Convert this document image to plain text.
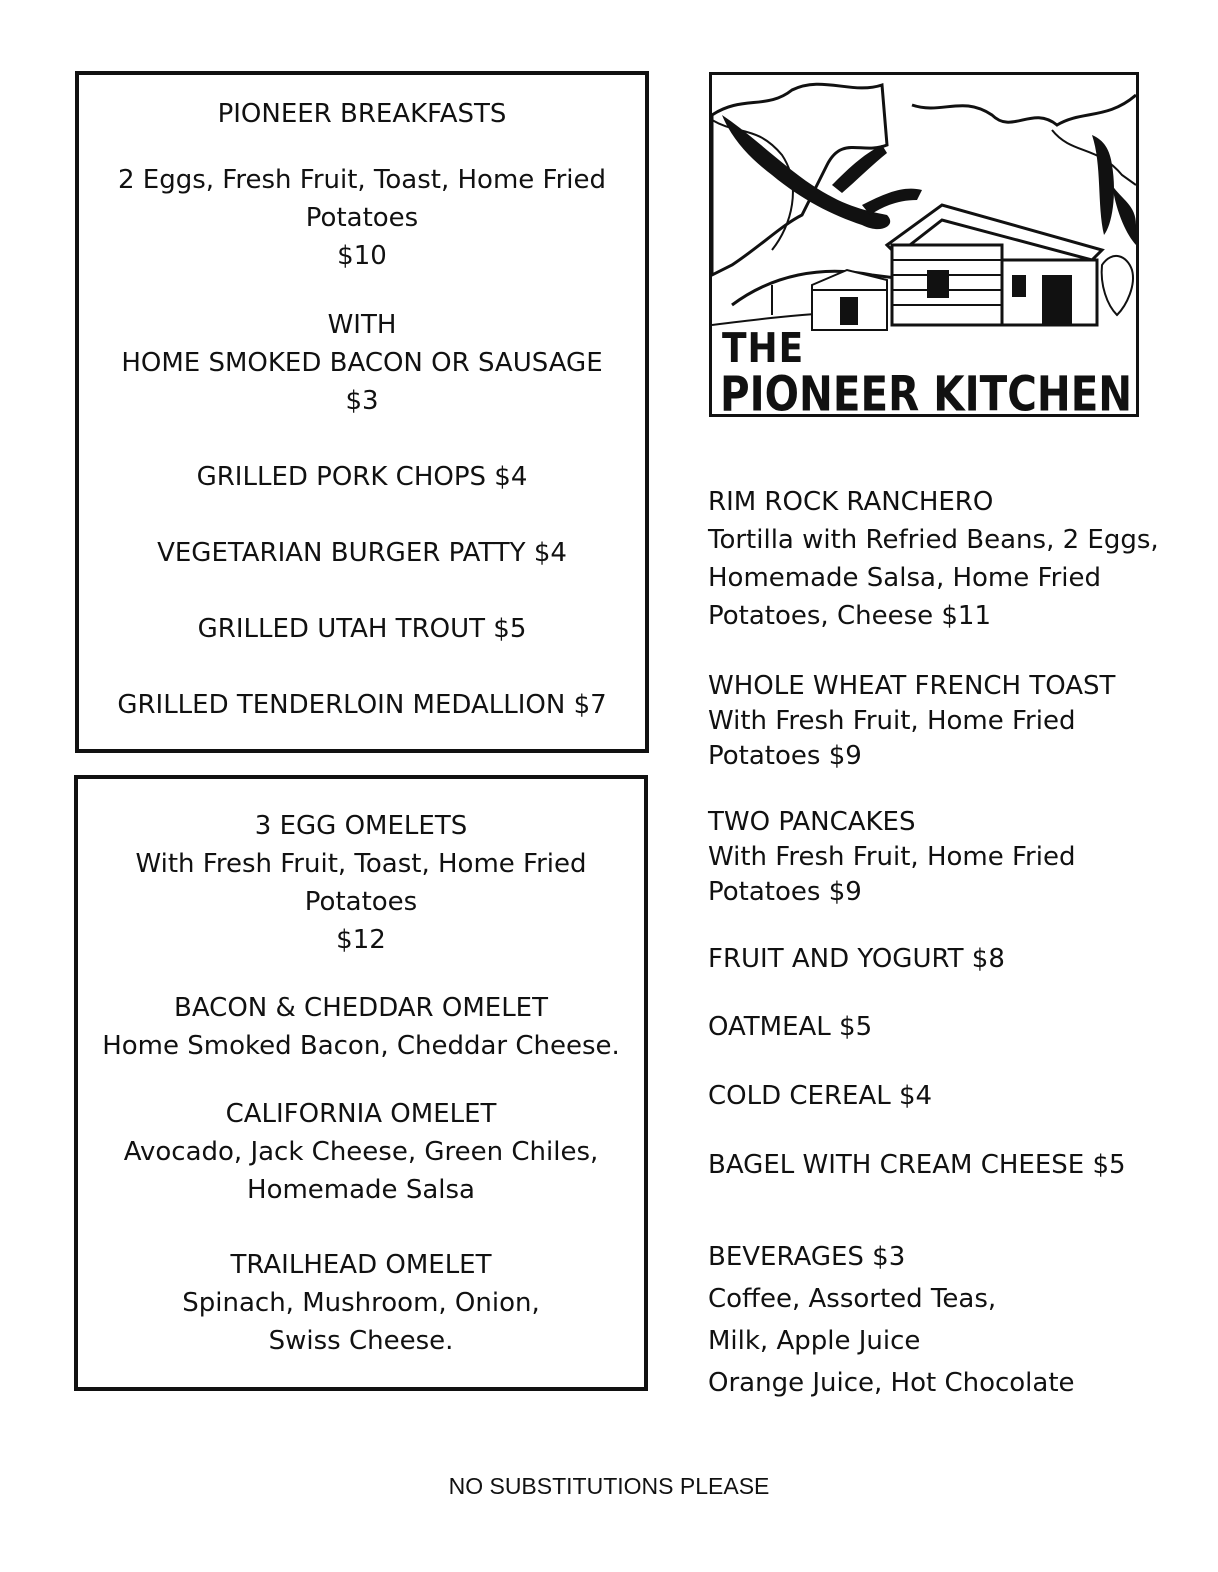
PIONEER BREAKFASTS
2 Eggs, Fresh Fruit, Toast, Home Fried
Potatoes
$10
WITH
HOME SMOKED BACON OR SAUSAGE
$3
GRILLED PORK CHOPS $4
VEGETARIAN BURGER PATTY $4
GRILLED UTAH TROUT $5
GRILLED TENDERLOIN MEDALLION $7
3 EGG OMELETS
With Fresh Fruit, Toast, Home Fried
Potatoes
$12
BACON & CHEDDAR OMELET
Home Smoked Bacon, Cheddar Cheese.
CALIFORNIA OMELET
Avocado, Jack Cheese, Green Chiles,
Homemade Salsa
TRAILHEAD OMELET
Spinach, Mushroom, Onion,
Swiss Cheese.
THE
PIONEER KITCHEN
RIM ROCK RANCHERO
Tortilla with Refried Beans, 2 Eggs,
Homemade Salsa, Home Fried
Potatoes, Cheese $11
WHOLE WHEAT FRENCH TOAST
With Fresh Fruit, Home Fried
Potatoes $9
TWO PANCAKES
With Fresh Fruit, Home Fried
Potatoes $9
FRUIT AND YOGURT $8
OATMEAL $5
COLD CEREAL $4
BAGEL WITH CREAM CHEESE $5
BEVERAGES $3
Coffee, Assorted Teas,
Milk, Apple Juice
Orange Juice, Hot Chocolate
NO SUBSTITUTIONS PLEASE
